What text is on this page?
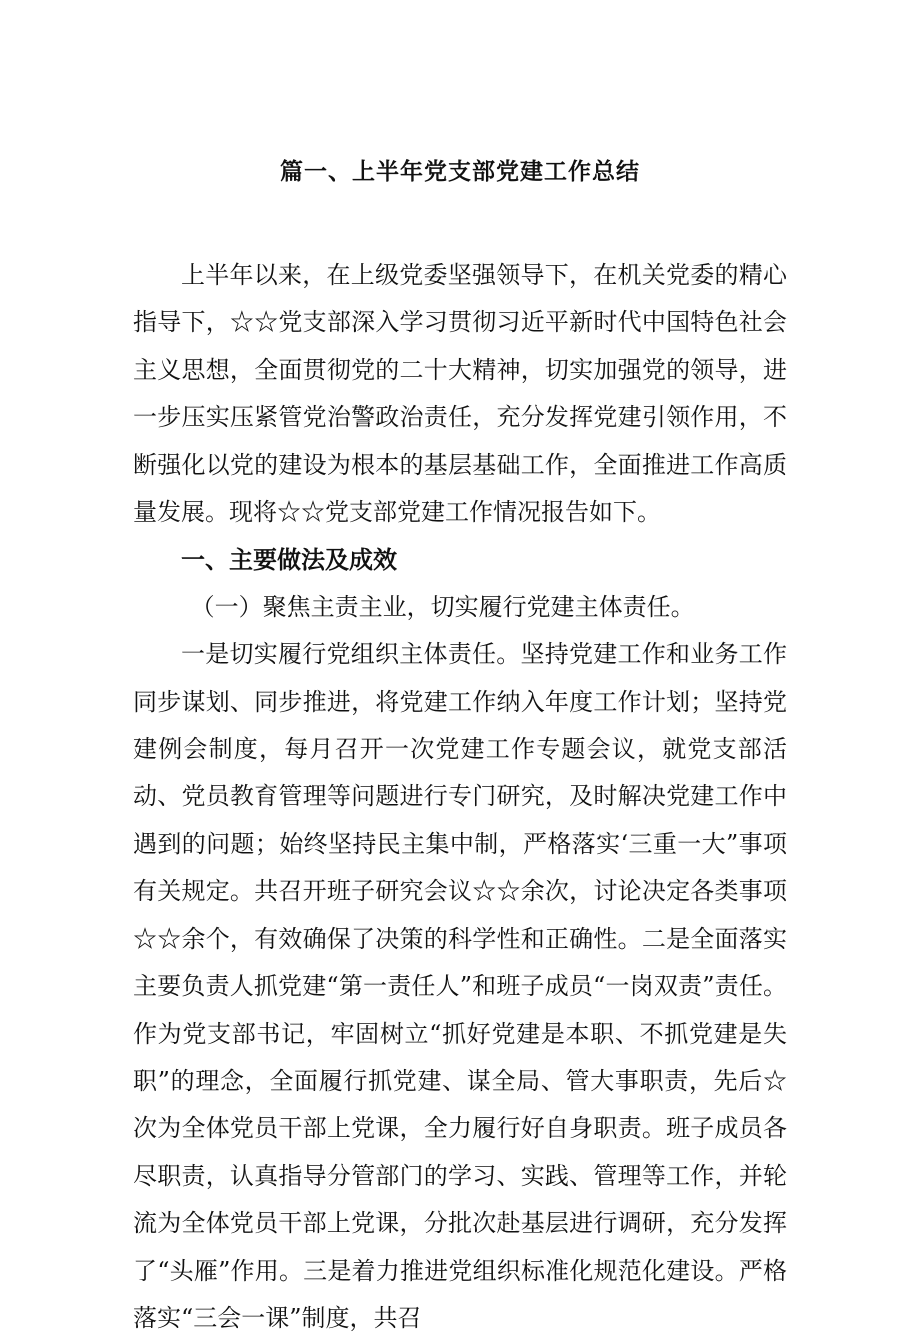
篇一、上半年党支部党建工作总结

上半年以来，在上级党委坚强领导下，在机关党委的精心指导下，☆☆党支部深入学习贯彻习近平新时代中国特色社会主义思想，全面贯彻党的二十大精神，切实加强党的领导，进一步压实压紧管党治警政治责任，充分发挥党建引领作用，不断强化以党的建设为根本的基层基础工作，全面推进工作高质量发展。现将☆☆党支部党建工作情况报告如下。

一、主要做法及成效

（一）聚焦主责主业，切实履行党建主体责任。

一是切实履行党组织主体责任。坚持党建工作和业务工作同步谋划、同步推进，将党建工作纳入年度工作计划；坚持党建例会制度，每月召开一次党建工作专题会议，就党支部活动、党员教育管理等问题进行专门研究，及时解决党建工作中遇到的问题；始终坚持民主集中制，严格落实‘三重一大”事项有关规定。共召开班子研究会议☆☆余次，讨论决定各类事项☆☆余个，有效确保了决策的科学性和正确性。二是全面落实主要负责人抓党建“第一责任人”和班子成员“一岗双责”责任。作为党支部书记，牢固树立“抓好党建是本职、不抓党建是失职”的理念，全面履行抓党建、谋全局、管大事职责，先后☆次为全体党员干部上党课，全力履行好自身职责。班子成员各尽职责，认真指导分管部门的学习、实践、管理等工作，并轮流为全体党员干部上党课，分批次赴基层进行调研，充分发挥了“头雁”作用。三是着力推进党组织标准化规范化建设。严格落实“三会一课”制度，共召
